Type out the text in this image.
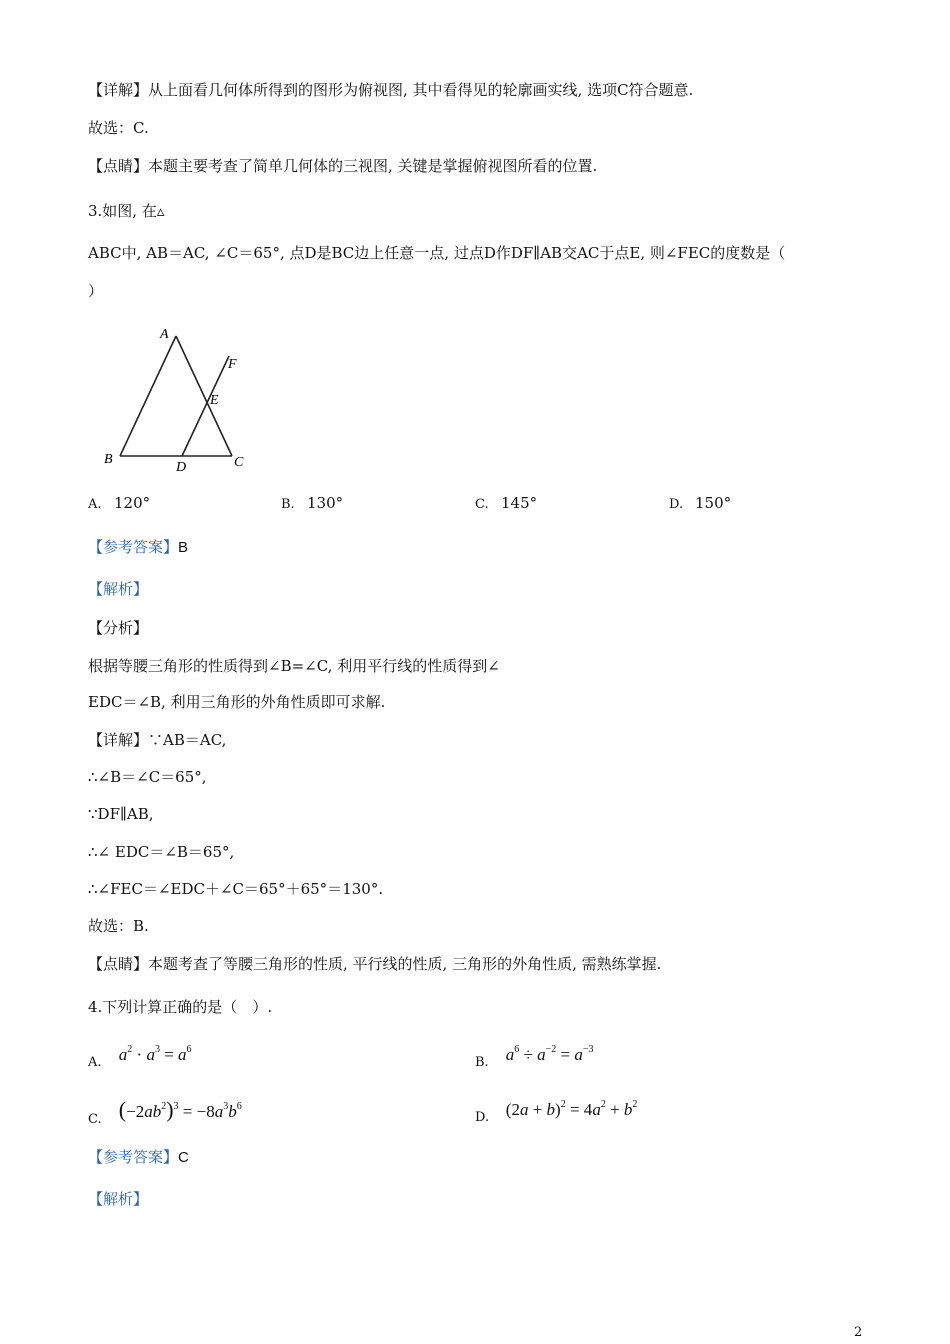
【详解】从上面看几何体所得到的图形为俯视图, 其中看得见的轮廓画实线, 选项C符合题意.
故选：C.
【点睛】本题主要考查了简单几何体的三视图, 关键是掌握俯视图所看的位置.
3.如图, 在▵
ABC中, AB＝AC, ∠C＝65°, 点D是BC边上任意一点, 过点D作DF∥AB交AC于点E, 则∠FEC的度数是（
）
A
B	C
D
E
F
A. 120°	B. 130°	C. 145°	D. 150°
【参考答案】B
【解析】
【分析】
根据等腰三角形的性质得到∠B=∠C, 利用平行线的性质得到∠
EDC＝∠B, 利用三角形的外角性质即可求解.
【详解】∵AB＝AC,
∴∠B＝∠C＝65°,
∵DF∥AB,
∴∠ EDC＝∠B＝65°,
∴∠FEC＝∠EDC＋∠C＝65°＋65°＝130°.
故选：B.
【点睛】本题考查了等腰三角形的性质, 平行线的性质, 三角形的外角性质, 需熟练掌握.
4.下列计算正确的是（　）.
A. $a^2 \cdot a^3 = a^6$
B. $a^6 \div a^{-2} = a^{-3}$
C. $(-2ab^2)^3 = -8a^3b^6$
D. $(2a + b)^2 = 4a^2 + b^2$
【参考答案】C
【解析】
2
